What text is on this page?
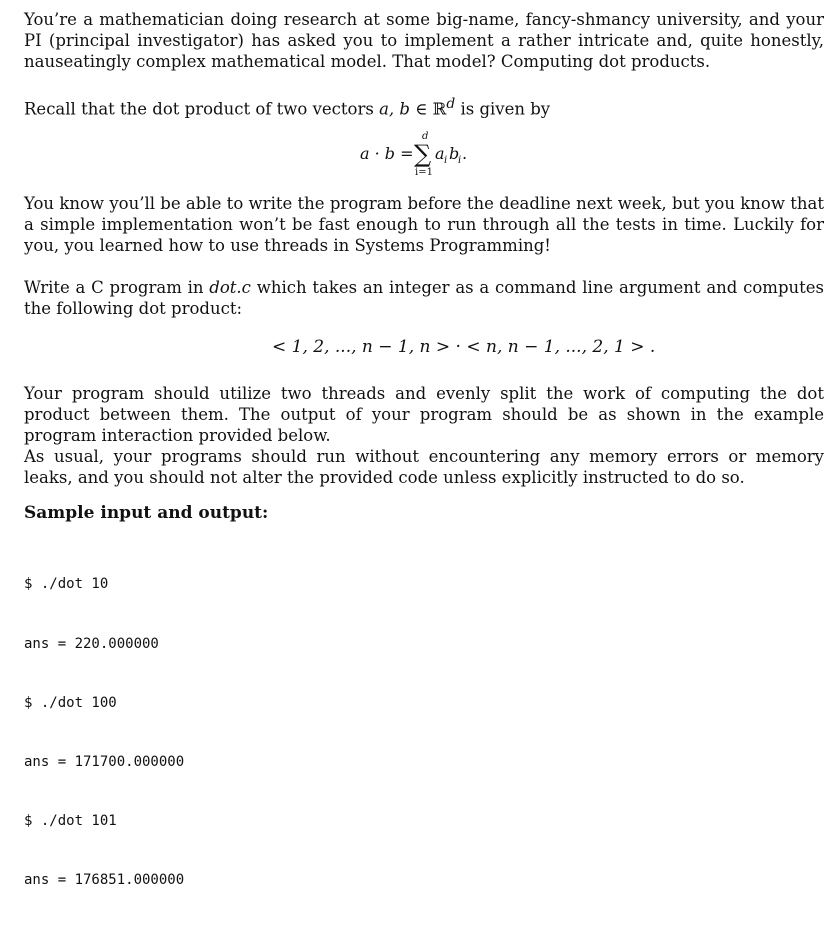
You’re a mathematician doing research at some big-name, fancy-shmancy university, and your PI (principal investigator) has asked you to implement a rather intricate and, quite honestly, nauseatingly complex mathematical model. That model? Computing dot products.

Recall that the dot product of two vectors a, b ∈ ℝ$^d$ is given by

a · b =
d
∑
i=1
a i b
i .

You know you’ll be able to write the program before the deadline next week, but you know that a simple implementation won’t be fast enough to run through all the tests in time. Luckily for you, you learned how to use threads in Systems Programming!

Write a C program in dot.c which takes an integer as a command line argument and computes the following dot product:

< 1, 2, ..., n − 1, n > · < n, n − 1, ..., 2, 1 > .

Your program should utilize two threads and evenly split the work of computing the dot product between them. The output of your program should be as shown in the example program interaction provided below.

As usual, your programs should run without encountering any memory errors or memory leaks, and you should not alter the provided code unless explicitly instructed to do so.

Sample input and output:

$ ./dot 10

ans = 220.000000

$ ./dot 100

ans = 171700.000000

$ ./dot 101

ans = 176851.000000
